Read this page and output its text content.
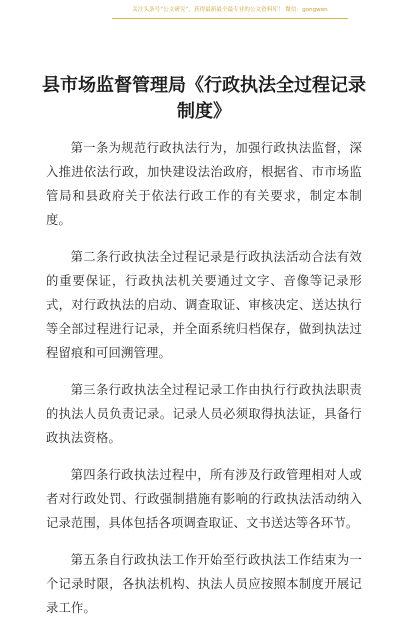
关注头条号“公文研究”，获得最新最全最专业的公文资料库！ 微信：gongwen
县市场监督管理局《行政执法全过程记录制度》

第一条为规范行政执法行为，加强行政执法监督，深入推进依法行政，加快建设法治政府，根据省、市市场监管局和县政府关于依法行政工作的有关要求，制定本制度。

第二条行政执法全过程记录是行政执法活动合法有效的重要保证，行政执法机关要通过文字、音像等记录形式，对行政执法的启动、调查取证、审核决定、送达执行等全部过程进行记录，并全面系统归档保存，做到执法过程留痕和可回溯管理。

第三条行政执法全过程记录工作由执行行政执法职责的执法人员负责记录。记录人员必须取得执法证，具备行政执法资格。

第四条行政执法过程中，所有涉及行政管理相对人或者对行政处罚、行政强制措施有影响的行政执法活动纳入记录范围，具体包括各项调查取证、文书送达等各环节。

第五条自行政执法工作开始至行政执法工作结束为一个记录时限，各执法机构、执法人员应按照本制度开展记录工作。
